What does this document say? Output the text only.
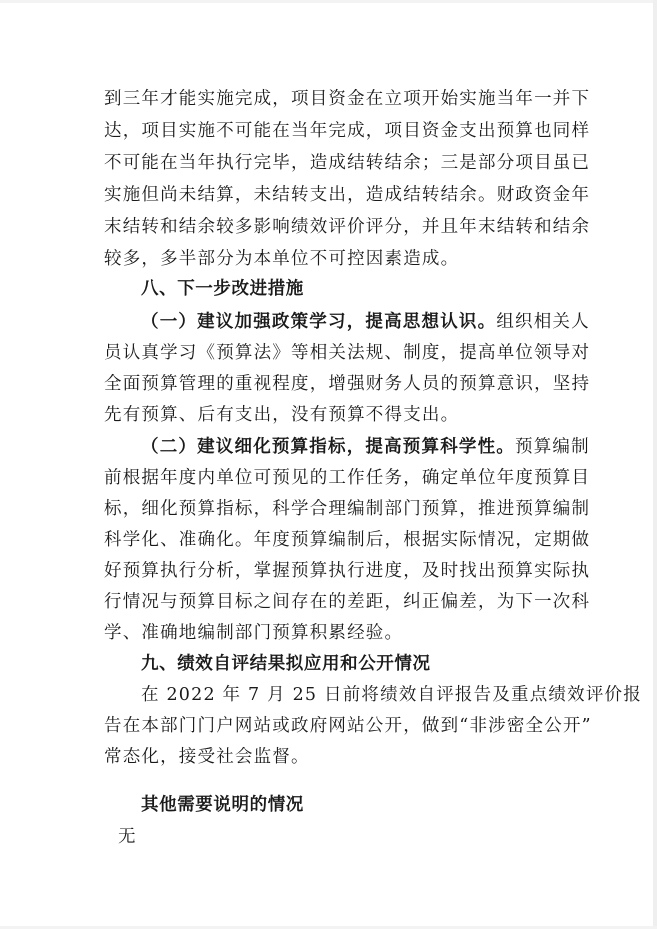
到三年才能实施完成，项目资金在立项开始实施当年一并下
达，项目实施不可能在当年完成，项目资金支出预算也同样
不可能在当年执行完毕，造成结转结余；三是部分项目虽已
实施但尚未结算，未结转支出，造成结转结余。财政资金年
末结转和结余较多影响绩效评价评分，并且年末结转和结余
较多，多半部分为本单位不可控因素造成。
八、下一步改进措施
（一）建议加强政策学习，提高思想认识。组织相关人
员认真学习《预算法》等相关法规、制度，提高单位领导对
全面预算管理的重视程度，增强财务人员的预算意识，坚持
先有预算、后有支出，没有预算不得支出。
（二）建议细化预算指标，提高预算科学性。预算编制
前根据年度内单位可预见的工作任务，确定单位年度预算目
标，细化预算指标，科学合理编制部门预算，推进预算编制
科学化、准确化。年度预算编制后，根据实际情况，定期做
好预算执行分析，掌握预算执行进度，及时找出预算实际执
行情况与预算目标之间存在的差距，纠正偏差，为下一次科
学、准确地编制部门预算积累经验。
九、绩效自评结果拟应用和公开情况
在 2022 年 7 月 25 日前将绩效自评报告及重点绩效评价报
告在本部门门户网站或政府网站公开，做到“非涉密全公开”
常态化，接受社会监督。
其他需要说明的情况
无
